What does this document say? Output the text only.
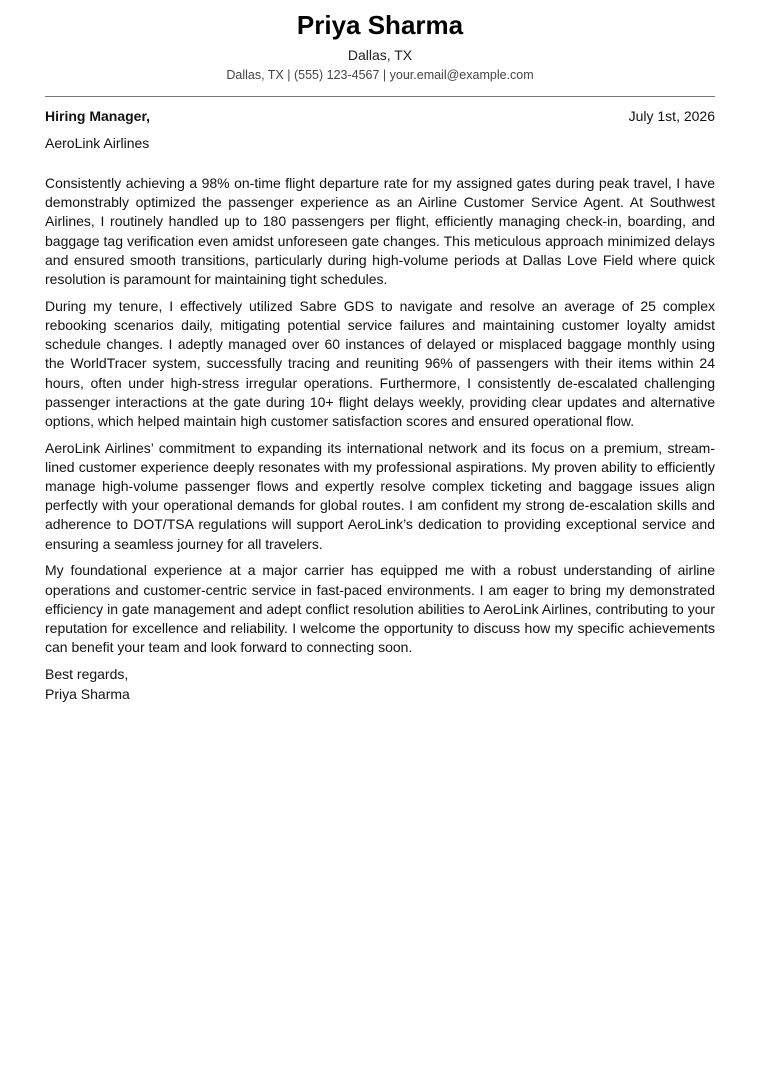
Priya Sharma
Dallas, TX
Dallas, TX | (555) 123-4567 | your.email@example.com
Hiring Manager,	July 1st, 2026
AeroLink Airlines

Consistently achieving a 98% on-time flight departure rate for my assigned gates during peak travel, I have demonstrably optimized the passenger experience as an Airline Customer Service Agent. At Southwest Airlines, I routinely handled up to 180 passengers per flight, efficiently managing check-in, boarding, and baggage tag verification even amidst unforeseen gate changes. This meticulous approach minimized delays and ensured smooth transitions, particularly during high-volume periods at Dallas Love Field where quick resolution is paramount for maintaining tight schedules.

During my tenure, I effectively utilized Sabre GDS to navigate and resolve an average of 25 complex rebooking scenarios daily, mitigating potential service failures and maintaining customer loyalty amidst schedule changes. I adeptly managed over 60 instances of delayed or misplaced baggage monthly using the WorldTracer system, successfully tracing and reuniting 96% of passengers with their items within 24 hours, often under high-stress irregular operations. Furthermore, I consistently de-escalated challenging passenger interactions at the gate during 10+ flight delays weekly, providing clear updates and alternative options, which helped maintain high customer satisfaction scores and ensured operational flow.

AeroLink Airlines’ commitment to expanding its international network and its focus on a premium, streamlined customer experience deeply resonates with my professional aspirations. My proven ability to efficiently manage high-volume passenger flows and expertly resolve complex ticketing and baggage issues align perfectly with your operational demands for global routes. I am confident my strong de-escalation skills and adherence to DOT/TSA regulations will support AeroLink’s dedication to providing exceptional service and ensuring a seamless journey for all travelers.

My foundational experience at a major carrier has equipped me with a robust understanding of airline operations and customer-centric service in fast-paced environments. I am eager to bring my demonstrated efficiency in gate management and adept conflict resolution abilities to AeroLink Airlines, contributing to your reputation for excellence and reliability. I welcome the opportunity to discuss how my specific achievements can benefit your team and look forward to connecting soon.

Best regards,
Priya Sharma
